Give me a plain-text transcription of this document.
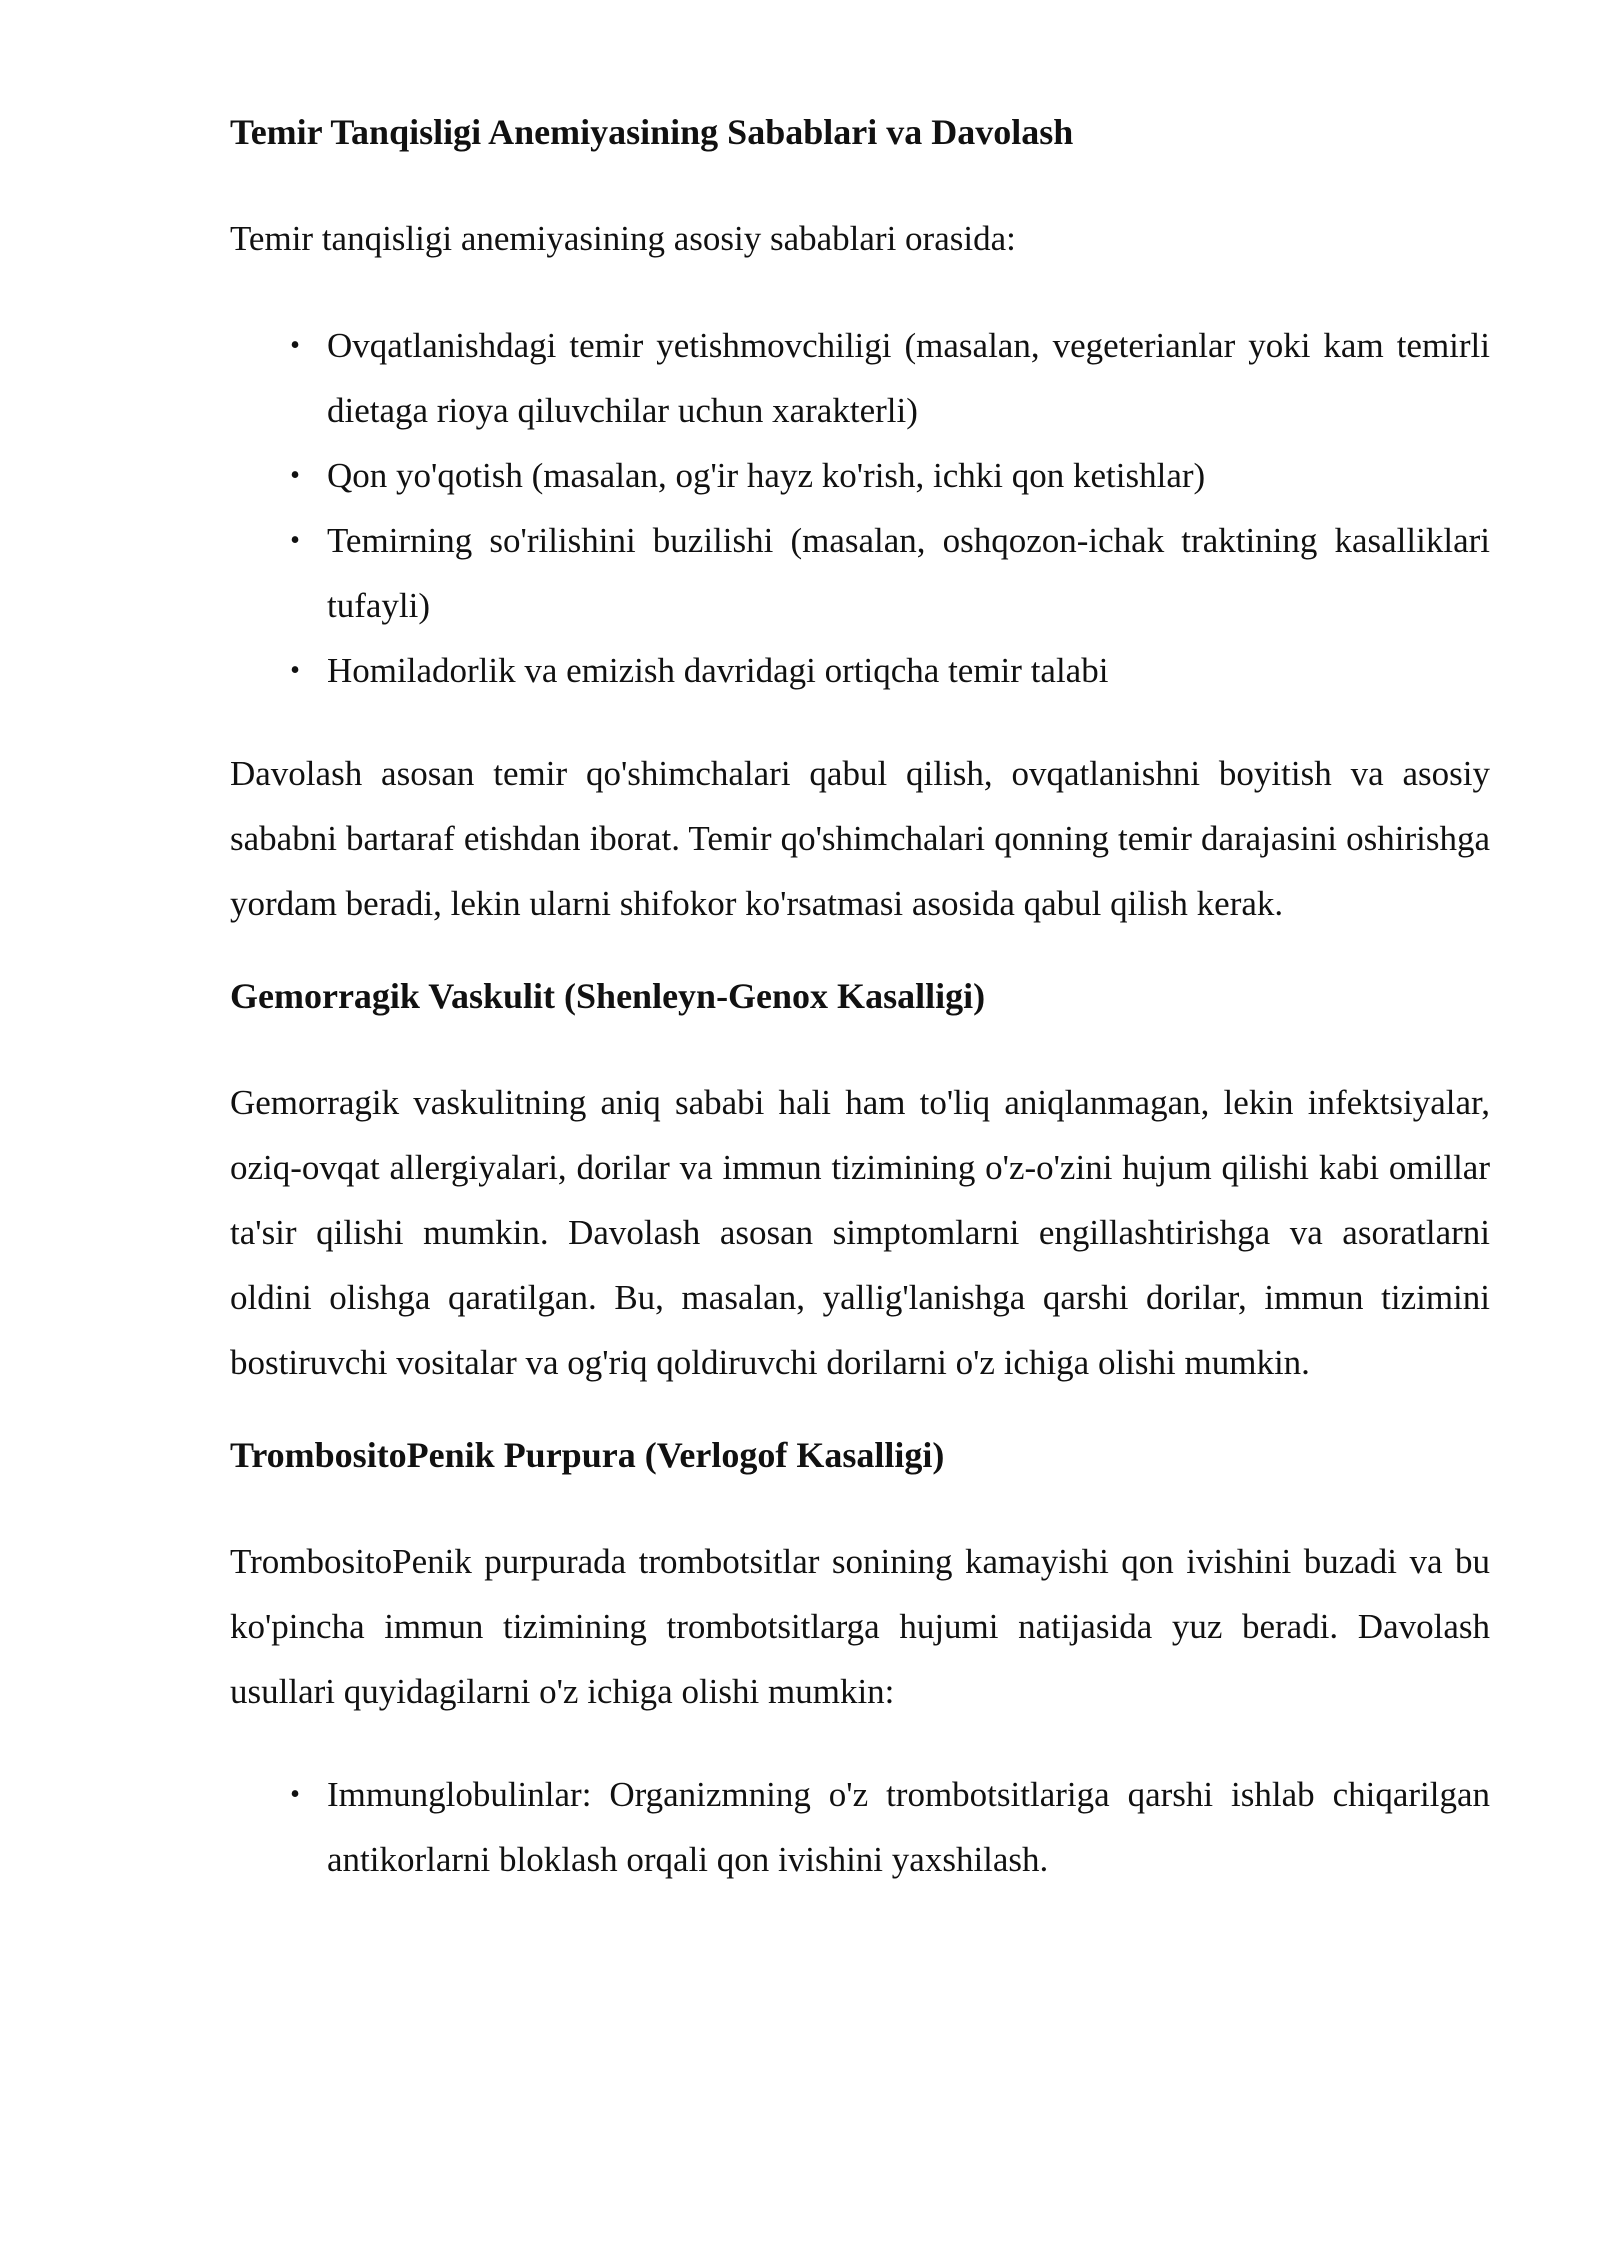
Temir Tanqisligi Anemiyasining Sabablari va Davolash

Temir tanqisligi anemiyasining asosiy sabablari orasida:

• Ovqatlanishdagi temir yetishmovchiligi (masalan, vegeterianlar yoki kam temirli dietaga rioya qiluvchilar uchun xarakterli)
• Qon yo'qotish (masalan, og'ir hayz ko'rish, ichki qon ketishlar)
• Temirning so'rilishini buzilishi (masalan, oshqozon-ichak traktining kasalliklari tufayli)
• Homiladorlik va emizish davridagi ortiqcha temir talabi

Davolash asosan temir qo'shimchalari qabul qilish, ovqatlanishni boyitish va asosiy sababni bartaraf etishdan iborat. Temir qo'shimchalari qonning temir darajasini oshirishga yordam beradi, lekin ularni shifokor ko'rsatmasi asosida qabul qilish kerak.

Gemorragik Vaskulit (Shenleyn-Genox Kasalligi)

Gemorragik vaskulitning aniq sababi hali ham to'liq aniqlanmagan, lekin infektsiyalar, oziq-ovqat allergiyalari, dorilar va immun tizimining o'z-o'zini hujum qilishi kabi omillar ta'sir qilishi mumkin. Davolash asosan simptomlarni engillashtirishga va asoratlarni oldini olishga qaratilgan. Bu, masalan, yallig'lanishga qarshi dorilar, immun tizimini bostiruvchi vositalar va og'riq qoldiruvchi dorilarni o'z ichiga olishi mumkin.

TrombositoPenik Purpura (Verlogof Kasalligi)

TrombositoPenik purpurada trombotsitlar sonining kamayishi qon ivishini buzadi va bu ko'pincha immun tizimining trombotsitlarga hujumi natijasida yuz beradi. Davolash usullari quyidagilarni o'z ichiga olishi mumkin:

• Immunglobulinlar: Organizmning o'z trombotsitlariga qarshi ishlab chiqarilgan antikorlarni bloklash orqali qon ivishini yaxshilash.
